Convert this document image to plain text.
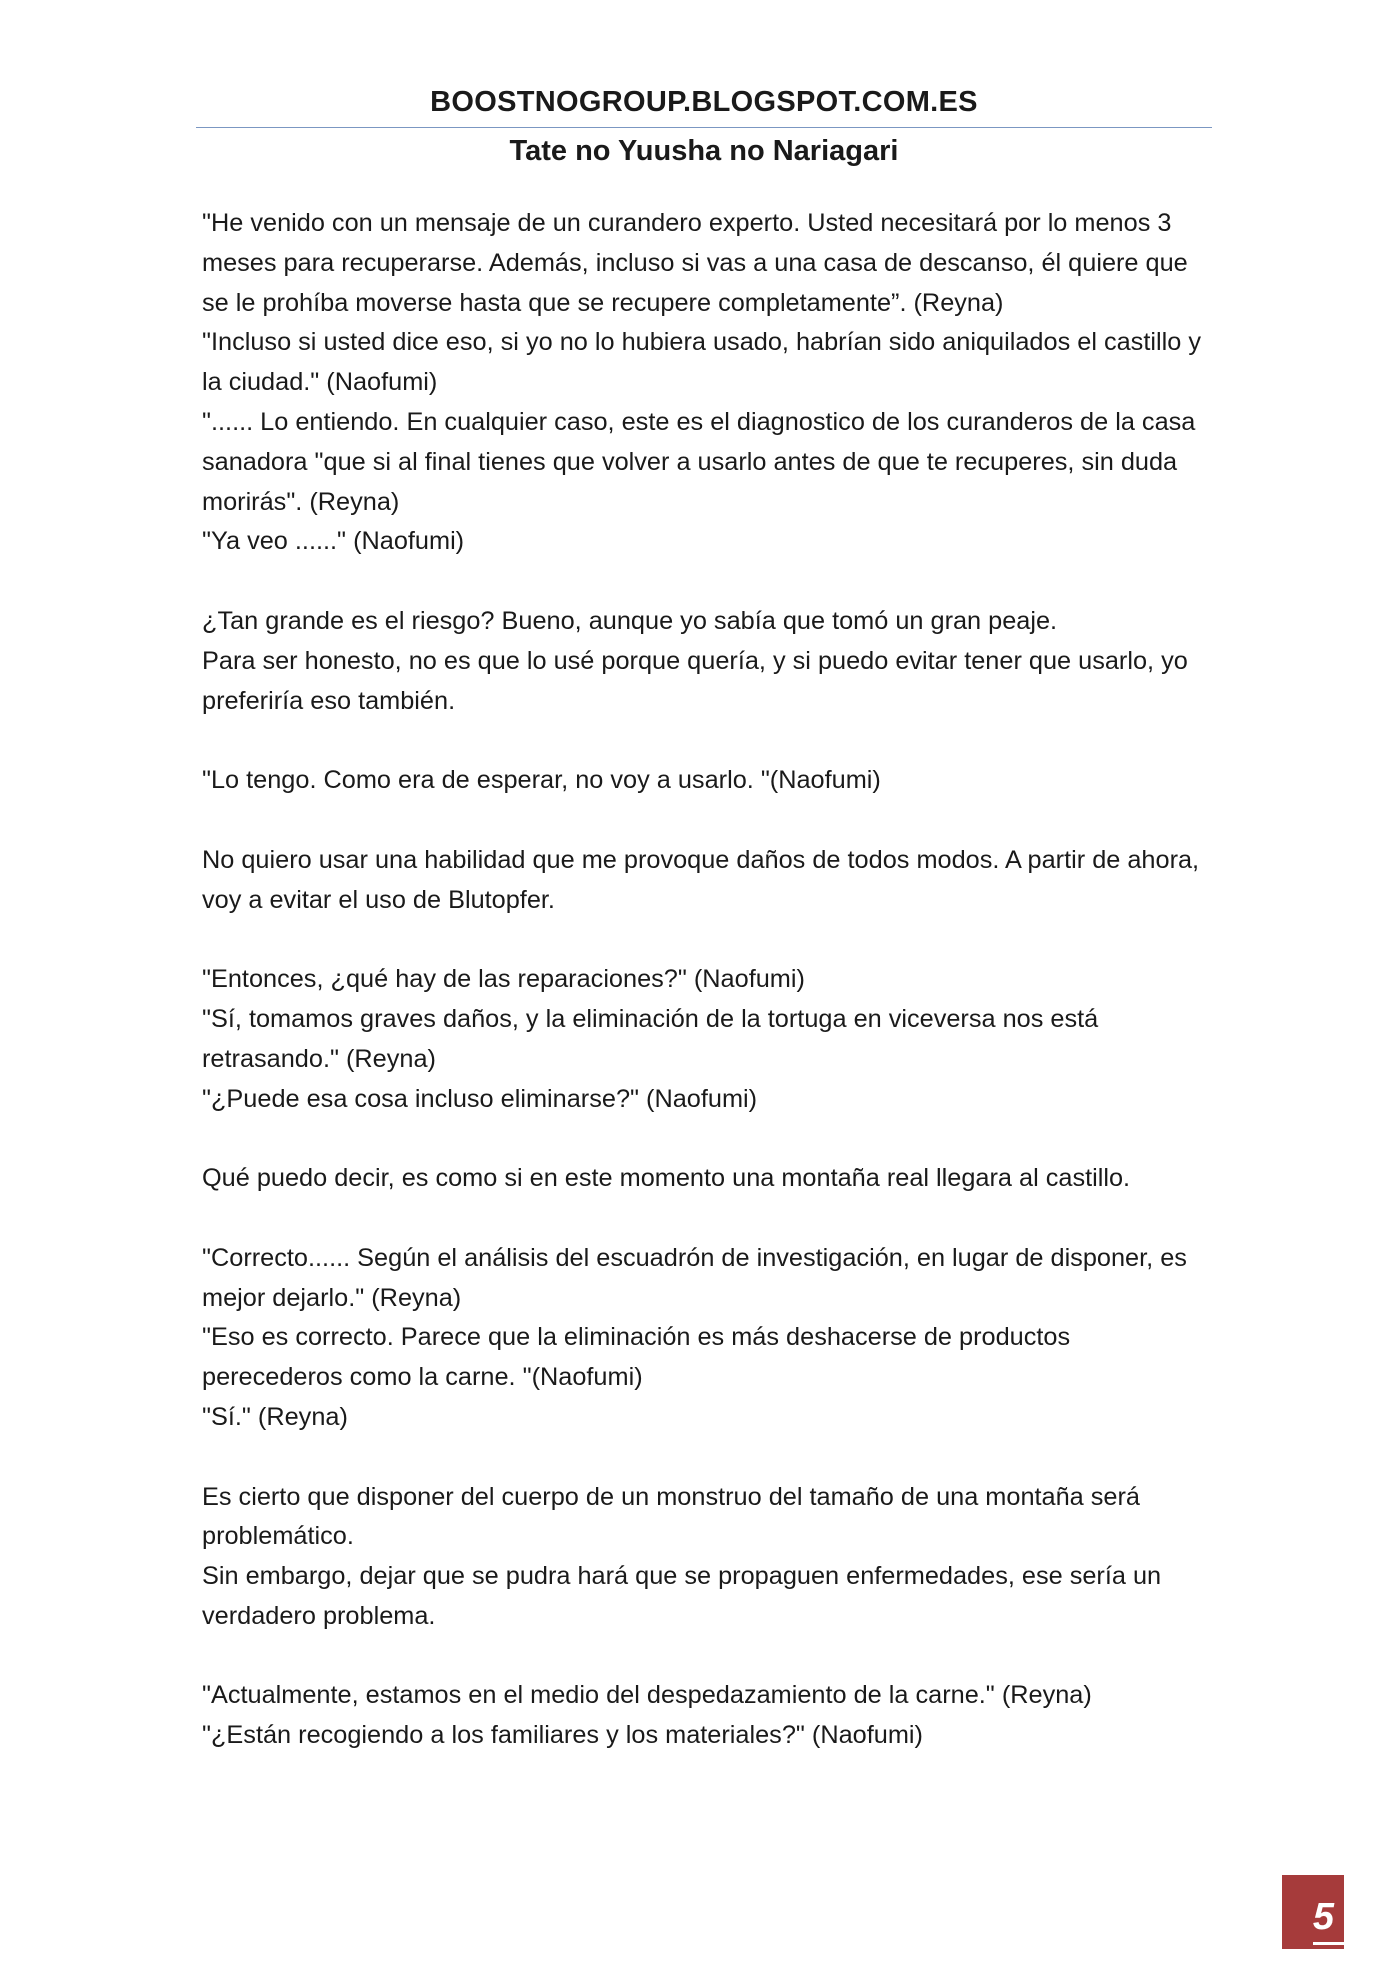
BOOSTNOGROUP.BLOGSPOT.COM.ES
Tate no Yuusha no Nariagari

"He venido con un mensaje de un curandero experto. Usted necesitará por lo menos 3 meses para recuperarse. Además, incluso si vas a una casa de descanso, él quiere que se le prohíba moverse hasta que se recupere completamente”. (Reyna)

"Incluso si usted dice eso, si yo no lo hubiera usado, habrían sido aniquilados el castillo y la ciudad." (Naofumi)

"...... Lo entiendo. En cualquier caso, este es el diagnostico de los curanderos de la casa sanadora "que si al final tienes que volver a usarlo antes de que te recuperes, sin duda morirás". (Reyna)

"Ya veo ......" (Naofumi)

¿Tan grande es el riesgo? Bueno, aunque yo sabía que tomó un gran peaje.

Para ser honesto, no es que lo usé porque quería, y si puedo evitar tener que usarlo, yo preferiría eso también.

"Lo tengo. Como era de esperar, no voy a usarlo. "(Naofumi)

No quiero usar una habilidad que me provoque daños de todos modos. A partir de ahora, voy a evitar el uso de Blutopfer.

"Entonces, ¿qué hay de las reparaciones?" (Naofumi)

"Sí, tomamos graves daños, y la eliminación de la tortuga en viceversa nos está retrasando." (Reyna)

"¿Puede esa cosa incluso eliminarse?" (Naofumi)

Qué puedo decir, es como si en este momento una montaña real llegara al castillo.

"Correcto...... Según el análisis del escuadrón de investigación, en lugar de disponer, es mejor dejarlo." (Reyna)

"Eso es correcto. Parece que la eliminación es más deshacerse de productos perecederos como la carne. "(Naofumi)

"Sí." (Reyna)

Es cierto que disponer del cuerpo de un monstruo del tamaño de una montaña será problemático.

Sin embargo, dejar que se pudra hará que se propaguen enfermedades, ese sería un verdadero problema.

"Actualmente, estamos en el medio del despedazamiento de la carne." (Reyna)

"¿Están recogiendo a los familiares y los materiales?" (Naofumi)

5
